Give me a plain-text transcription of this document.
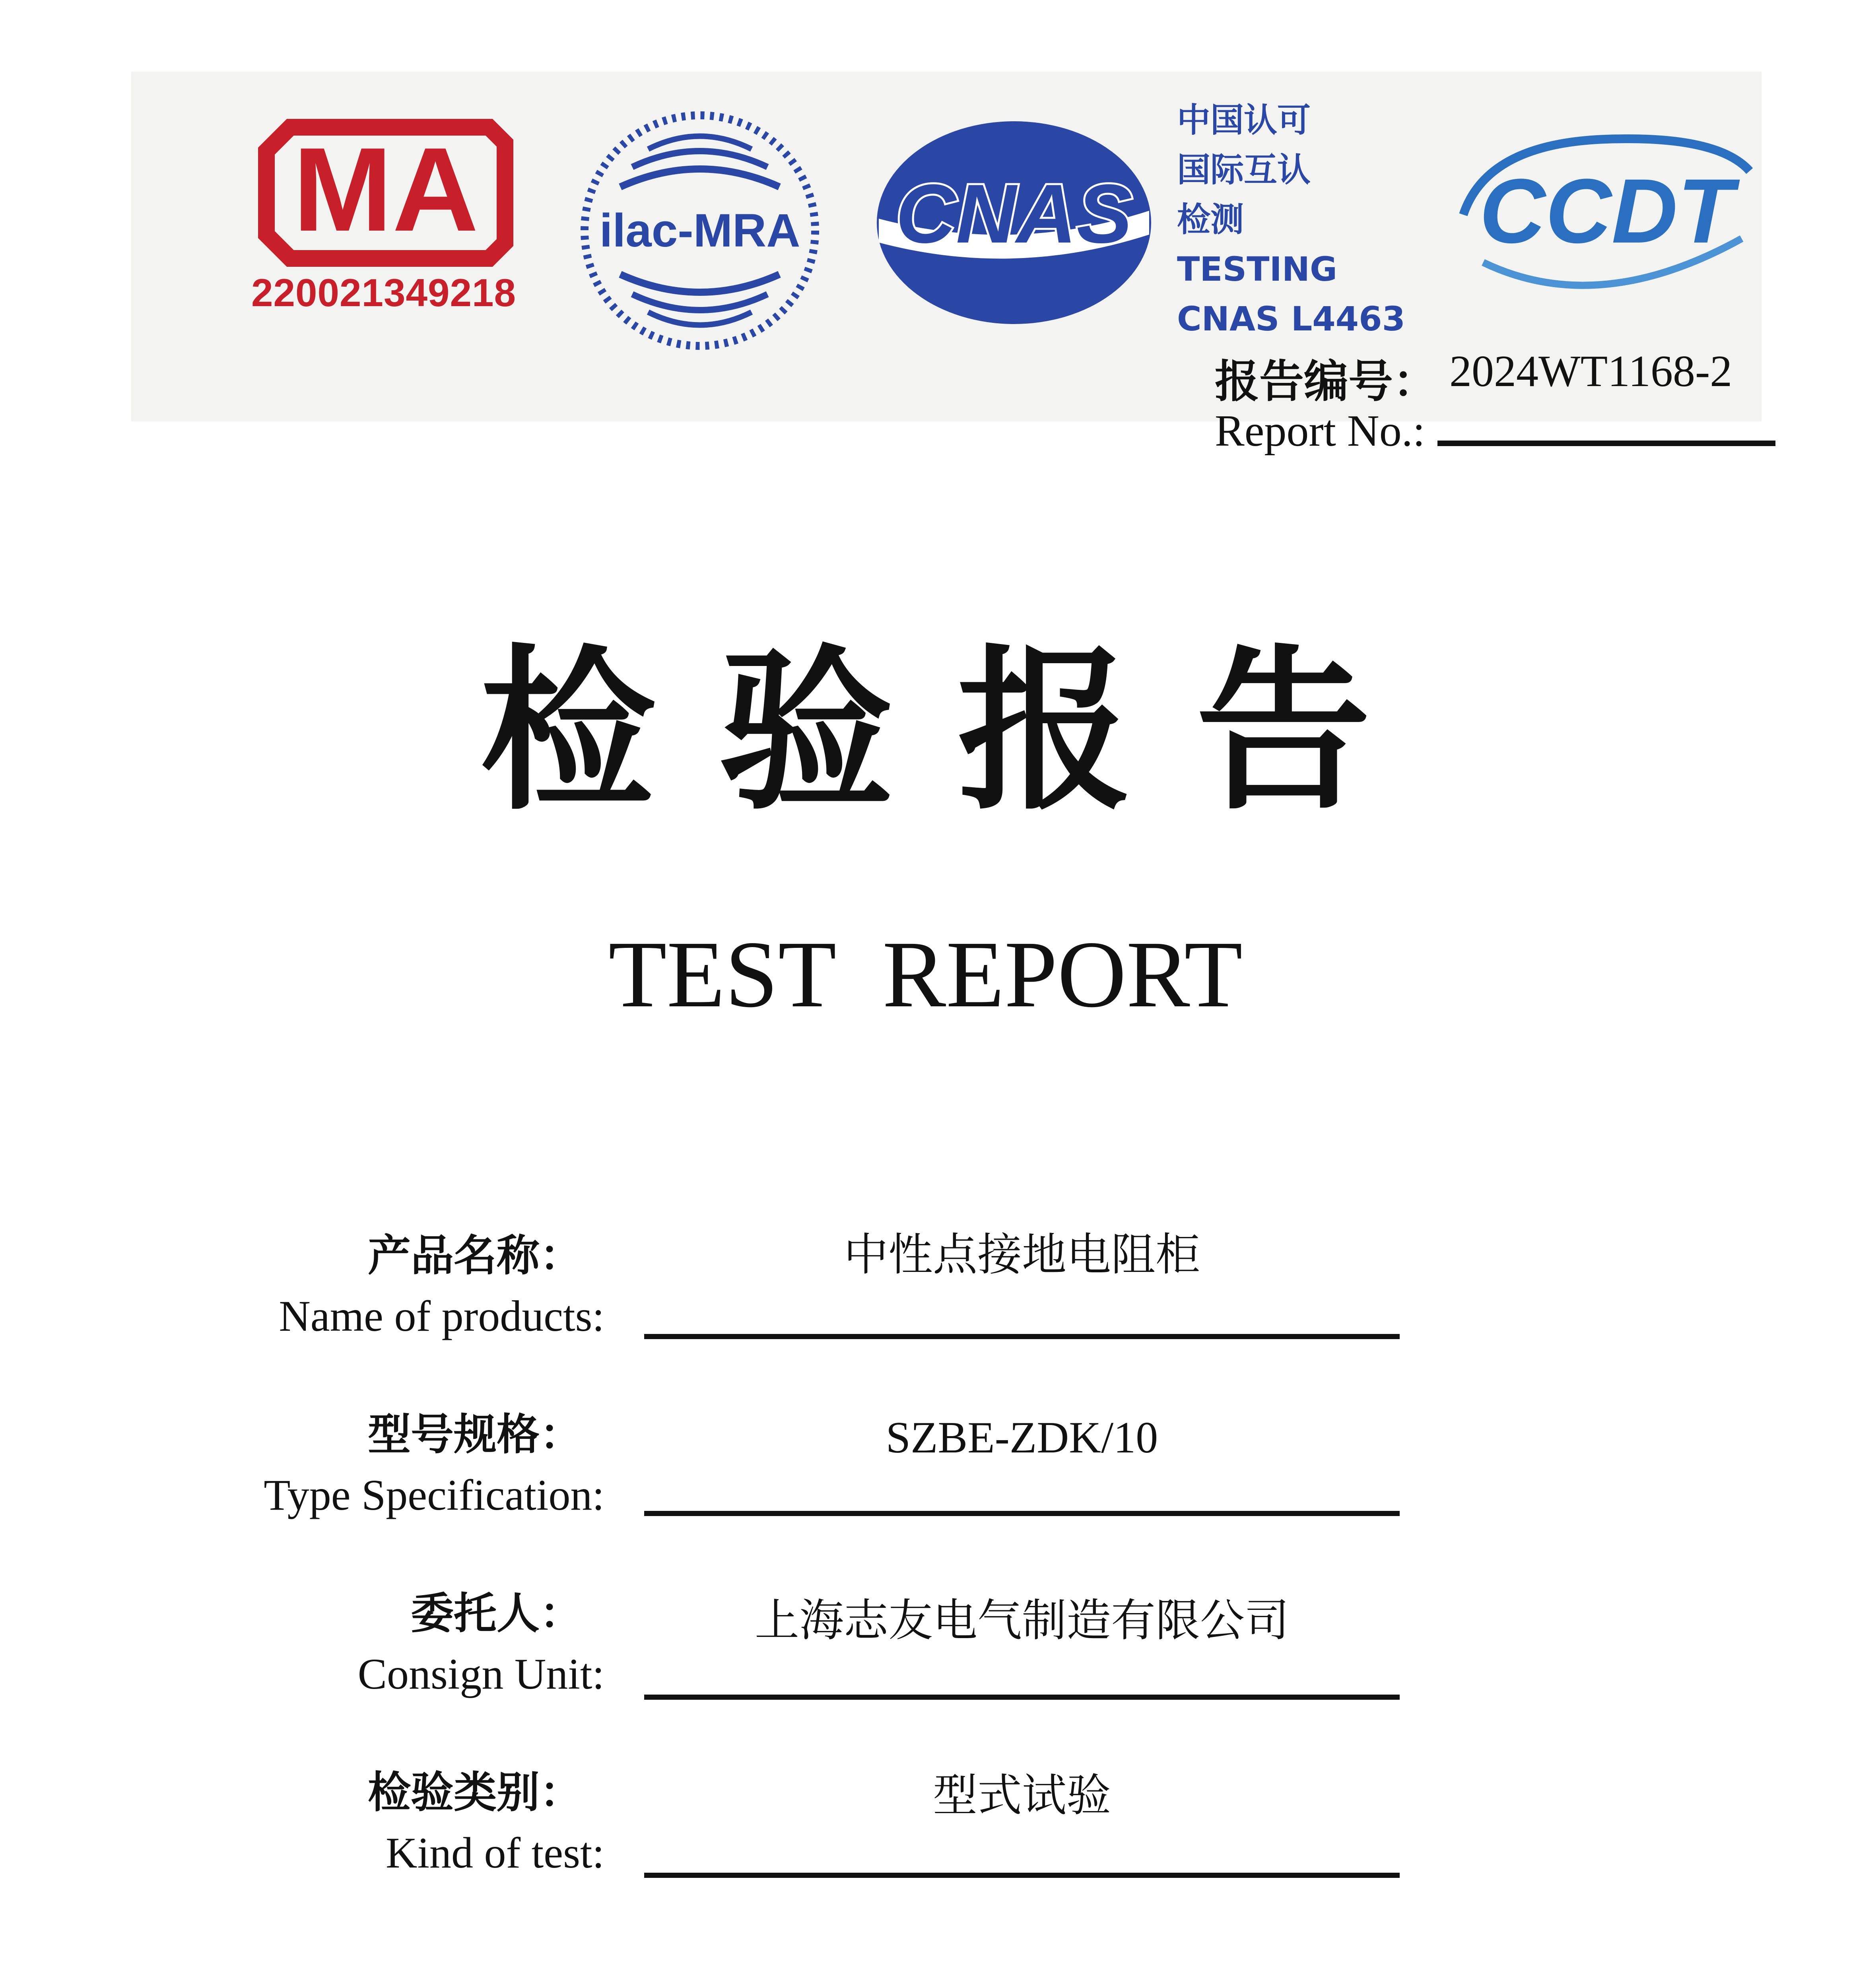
MA
220021349218
ilac-MRA CNAS
中国认可
国际互认
检测
TESTING
CNAS L4463
CCDT
报告编号： 2024WT1168-2
Report No.:
检验报告
TEST REPORT
产品名称：
Name of products:
中性点接地电阻柜
型号规格：
Type Specification:
SZBE-ZDK/10
委托人：
Consign Unit:
上海志友电气制造有限公司
检验类别：
Kind of test:
型式试验
